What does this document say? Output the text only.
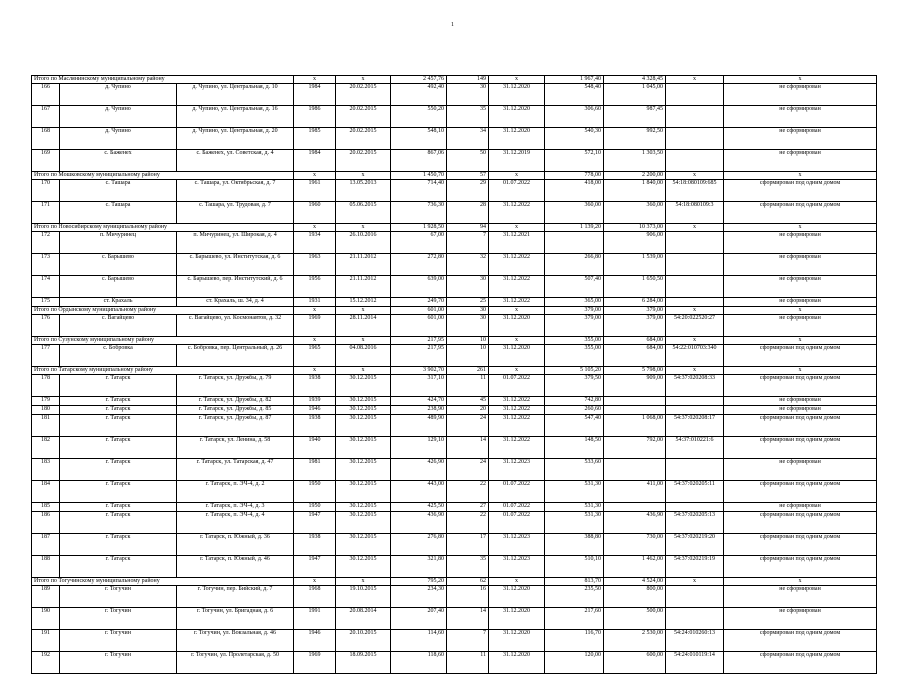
1
Итого по Маслянинскому муниципальному району			x	x	2 457,76	149	x	1 967,40	4 328,45	x	x
166	д. Чупино	д. Чупино, ул. Центральная, д. 10	1984	20.02.2015	492,40	30	31.12.2020	548,40	1 045,00		не сформирован
167	д. Чупино	д. Чупино, ул. Центральная, д. 16	1986	20.02.2015	550,20	35	31.12.2020	306,60	987,45		не сформирован
168	д. Чупино	д. Чупино, ул. Центральная, д. 20	1985	20.02.2015	548,10	34	31.12.2020	540,30	992,50		не сформирован
169	с. Баженех	с. Баженех, ул. Советская, д. 4	1984	20.02.2015	867,06	50	31.12.2019	572,10	1 303,50		не сформирован
Итого по Мошковскому муниципальному району			x	x	1 450,70	57	x	778,00	2 200,00	x	x
170	с. Ташара	с. Ташара, ул. Октябрьская, д. 7	1961	13.05.2013	714,40	29	01.07.2022	418,00	1 840,00	54:18:080109:685	сформирован под одним домом
171	с. Ташара	с. Ташара, ул. Трудовая, д. 7	1960	05.06.2015	736,30	28	31.12.2022	360,00	360,00	54:18:080109:3	сформирован под одним домом
Итого по Новосибирскому муниципальному району			x	x	1 928,50	94	x	1 139,20	10 373,00	x	x
172	п. Мичуринец	п. Мичуринец, ул. Широкая, д. 4	1934	26.10.2016	67,00	7	31.12.2021		906,00		не сформирован
173	с. Барышево	с. Барышево, ул. Институтская, д. 6	1963	21.11.2012	272,80	32	31.12.2022	266,80	1 539,00		не сформирован
174	с. Барышево	с. Барышево, пер. Институтский, д. 6	1956	21.11.2012	639,00	30	31.12.2022	507,40	1 650,50		не сформирован
175	ст. Крахаль	ст. Крахаль, ш. 34, д. 4	1931	15.12.2012	249,70	25	31.12.2022	365,00	6 284,00		не сформирован
Итого по Ордынскому муниципальному району			x	x	601,00	30	x	379,00	379,00	x	x
176	с. Вагайцево	с. Вагайцево, ул. Космонавтов, д. 32	1969	28.11.2014	601,00	30	31.12.2020	379,00	379,00	54:20:022520:27	не сформирован
Итого по Сузунскому муниципальному району			x	x	217,95	10	x	355,00	684,00	x	x
177	с. Бобровка	с. Бобровка, пер. Центральный, д. 26	1965	04.08.2016	217,95	10	31.12.2020	355,00	684,00	54:22:010703:340	сформирован под одним домом
Итого по Татарскому муниципальному району			x	x	3 902,70	261	x	5 105,20	5 798,00	x	x
178	г. Татарск	г. Татарск, ул. Дружбы, д. 79	1938	30.12.2015	317,10	11	01.07.2022	379,50	909,00	54:37:020208:33	сформирован под одним домом
179	г. Татарск	г. Татарск, ул. Дружбы, д. 82	1939	30.12.2015	424,70	45	31.12.2022	742,80			не сформирован
180	г. Татарск	г. Татарск, ул. Дружбы, д. 85	1946	30.12.2015	238,90	20	31.12.2022	260,60			не сформирован
181	г. Татарск	г. Татарск, ул. Дружбы, д. 87	1938	30.12.2015	489,90	24	31.12.2022	547,40	1 068,00	54:37:020208:17	сформирован под одним домом
182	г. Татарск	г. Татарск, ул. Ленина, д. 58	1940	30.12.2015	129,10	14	31.12.2022	148,50	792,00	54:37:010221:6	сформирован под одним домом
183	г. Татарск	г. Татарск, ул. Татарская, д. 47	1981	30.12.2015	426,90	24	31.12.2023	533,60			не сформирован
184	г. Татарск	г. Татарск, п. ЭЧ-4, д. 2	1950	30.12.2015	443,00	22	01.07.2022	531,30	411,00	54:37:020205:11	сформирован под одним домом
185	г. Татарск	г. Татарск, п. ЭЧ-4, д. 3	1950	30.12.2015	425,50	27	01.07.2022	531,30			не сформирован
186	г. Татарск	г. Татарск, п. ЭЧ-4, д. 4	1947	30.12.2015	436,90	22	01.07.2022	531,30	436,90	54:37:020205:13	сформирован под одним домом
187	г. Татарск	г. Татарск, п. Южный, д. 36	1938	30.12.2015	276,80	17	31.12.2023	388,80	730,00	54:37:020219:20	сформирован под одним домом
188	г. Татарск	г. Татарск, п. Южный, д. 46	1947	30.12.2015	321,80	35	31.12.2023	510,10	1 462,00	54:37:020219:19	сформирован под одним домом
Итого по Тогучинскому муниципальному району			x	x	795,20	62	x	813,70	4 524,00	x	x
189	г. Тогучин	г. Тогучин, пер. Бийский, д. 7	1968	19.10.2015	234,30	16	31.12.2020	235,50	800,00		не сформирован
190	г. Тогучин	г. Тогучин, ул. Бригадная, д. 6	1991	20.08.2014	207,40	14	31.12.2020	217,60	500,00		не сформирован
191	г. Тогучин	г. Тогучин, ул. Вокзальная, д. 46	1946	20.10.2015	114,60	7	31.12.2020	116,70	2 530,00	54:24:010260:13	сформирован под одним домом
192	г. Тогучин	г. Тогучин, ул. Пролетарская, д. 50	1969	18.09.2015	118,60	11	31.12.2020	120,00	600,00	54:24:010119:14	сформирован под одним домом
